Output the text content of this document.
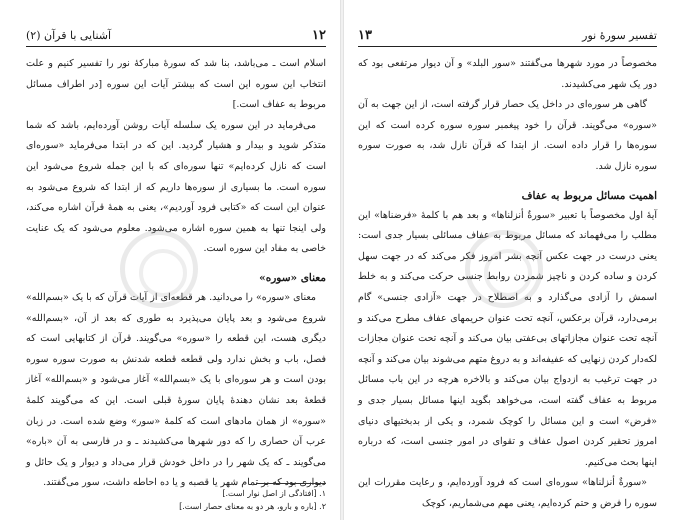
۱۲
آشنایی با قرآن (۲)

اسلام است ـ می‌باشد، بنا شد که سورهٔ مبارکهٔ نور را تفسیر کنیم و علت انتخاب این سوره این است که بیشتر آیات این سوره [در اطراف مسائل مربوط به عفاف است.]

می‌فرماید در این سوره یک سلسله آیات روشن آورده‌ایم، باشد که شما متذکر شوید و بیدار و هشیار گردید. این که در ابتدا می‌فرماید «سوره‌ای است که نازل کرده‌ایم» تنها سوره‌ای که با این جمله شروع می‌شود این سوره است. ما بسیاری از سوره‌ها داریم که از ابتدا که شروع می‌شود به عنوان این است که «کتابی فرود آوردیم»، یعنی به همهٔ قرآن اشاره می‌کند، ولی اینجا تنها به همین سوره اشاره می‌شود. معلوم می‌شود که یک عنایت خاصی به مفاد این سوره است.

معنای «سوره»

معنای «سوره» را می‌دانید. هر قطعه‌ای از آیات قرآن که با یک «بسم‌الله» شروع می‌شود و بعد پایان می‌پذیرد به طوری که بعد از آن، «بسم‌الله» دیگری هست، این قطعه را «سوره» می‌گویند. قرآن از کتابهایی است که فصل، باب و بخش ندارد ولی قطعه قطعه شدنش به صورت سوره سوره بودن است و هر سوره‌ای با یک «بسم‌الله» آغاز می‌شود و «بسم‌الله» آغاز قطعهٔ بعد نشان دهندهٔ پایان سورهٔ قبلی است. این که می‌گویند کلمهٔ «سوره» از همان مادهای است که کلمهٔ «سور» وضع شده است. در زبان عرب آن حصاری را که دور شهرها می‌کشیدند ـ و در فارسی به آن «باره» می‌گویند ـ که یک شهر را در داخل خودش قرار می‌داد و دیوار و یک حائل و دیواری بود که بر تمام شهر یا قصبه و یا ده احاطه داشت، سور می‌گفتند.

۱. [افتادگی از اصل نوار است.]
۲. [باره و بارو، هر دو به معنای حصار است.]
تفسیر سورهٔ نور
۱۳

مخصوصاً در مورد شهرها می‌گفتند «سور البلد» و آن دیوار مرتفعی بود که دور یک شهر می‌کشیدند.

گاهی هر سوره‌ای در داخل یک حصار قرار گرفته است، از این جهت به آن «سوره» می‌گویند. قرآن را خود پیغمبر سوره سوره کرده است که این سوره‌ها را قرار داده است. از ابتدا که قرآن نازل شد، به صورت سوره سوره نازل شد.

اهمیت مسائل مربوط به عفاف

آیهٔ اول مخصوصاً با تعبیر «سورةٌ أنزلناها» و بعد هم با کلمهٔ «فرضناها» این مطلب را می‌فهماند که مسائل مربوط به عفاف مسائلی بسیار جدی است: یعنی درست در جهت عکس آنچه بشر امروز فکر می‌کند که در جهت سهل کردن و ساده کردن و ناچیز شمردن روابط جنسی حرکت می‌کند و به خلط اسمش را آزادی می‌گذارد و به اصطلاح در جهت «آزادی جنسی» گام برمی‌دارد، قرآن برعکس، آنچه تحت عنوان حریمهای عفاف مطرح می‌کند و آنچه تحت عنوان مجازاتهای بی‌عفتی بیان می‌کند و آنچه تحت عنوان مجازات لکه‌دار کردن زنهایی که عفیفه‌اند و به دروغ متهم می‌شوند بیان می‌کند و آنچه در جهت ترغیب به ازدواج بیان می‌کند و بالاخره هرچه در این باب مسائل مربوط به عفاف گفته است، می‌خواهد بگوید اینها مسائل بسیار جدی و «فرض» است و این مسائل را کوچک شمرد، و یکی از بدبختیهای دنیای امروز تحقیر کردن اصول عفاف و تقوای در امور جنسی است، که درباره اینها بحث می‌کنیم.

«سورةٌ أنزلناها» سوره‌ای است که فرود آورده‌ایم، و رعایت مقررات این سوره را فرض و حتم کرده‌ایم، یعنی مهم می‌شماریم، کوچک
